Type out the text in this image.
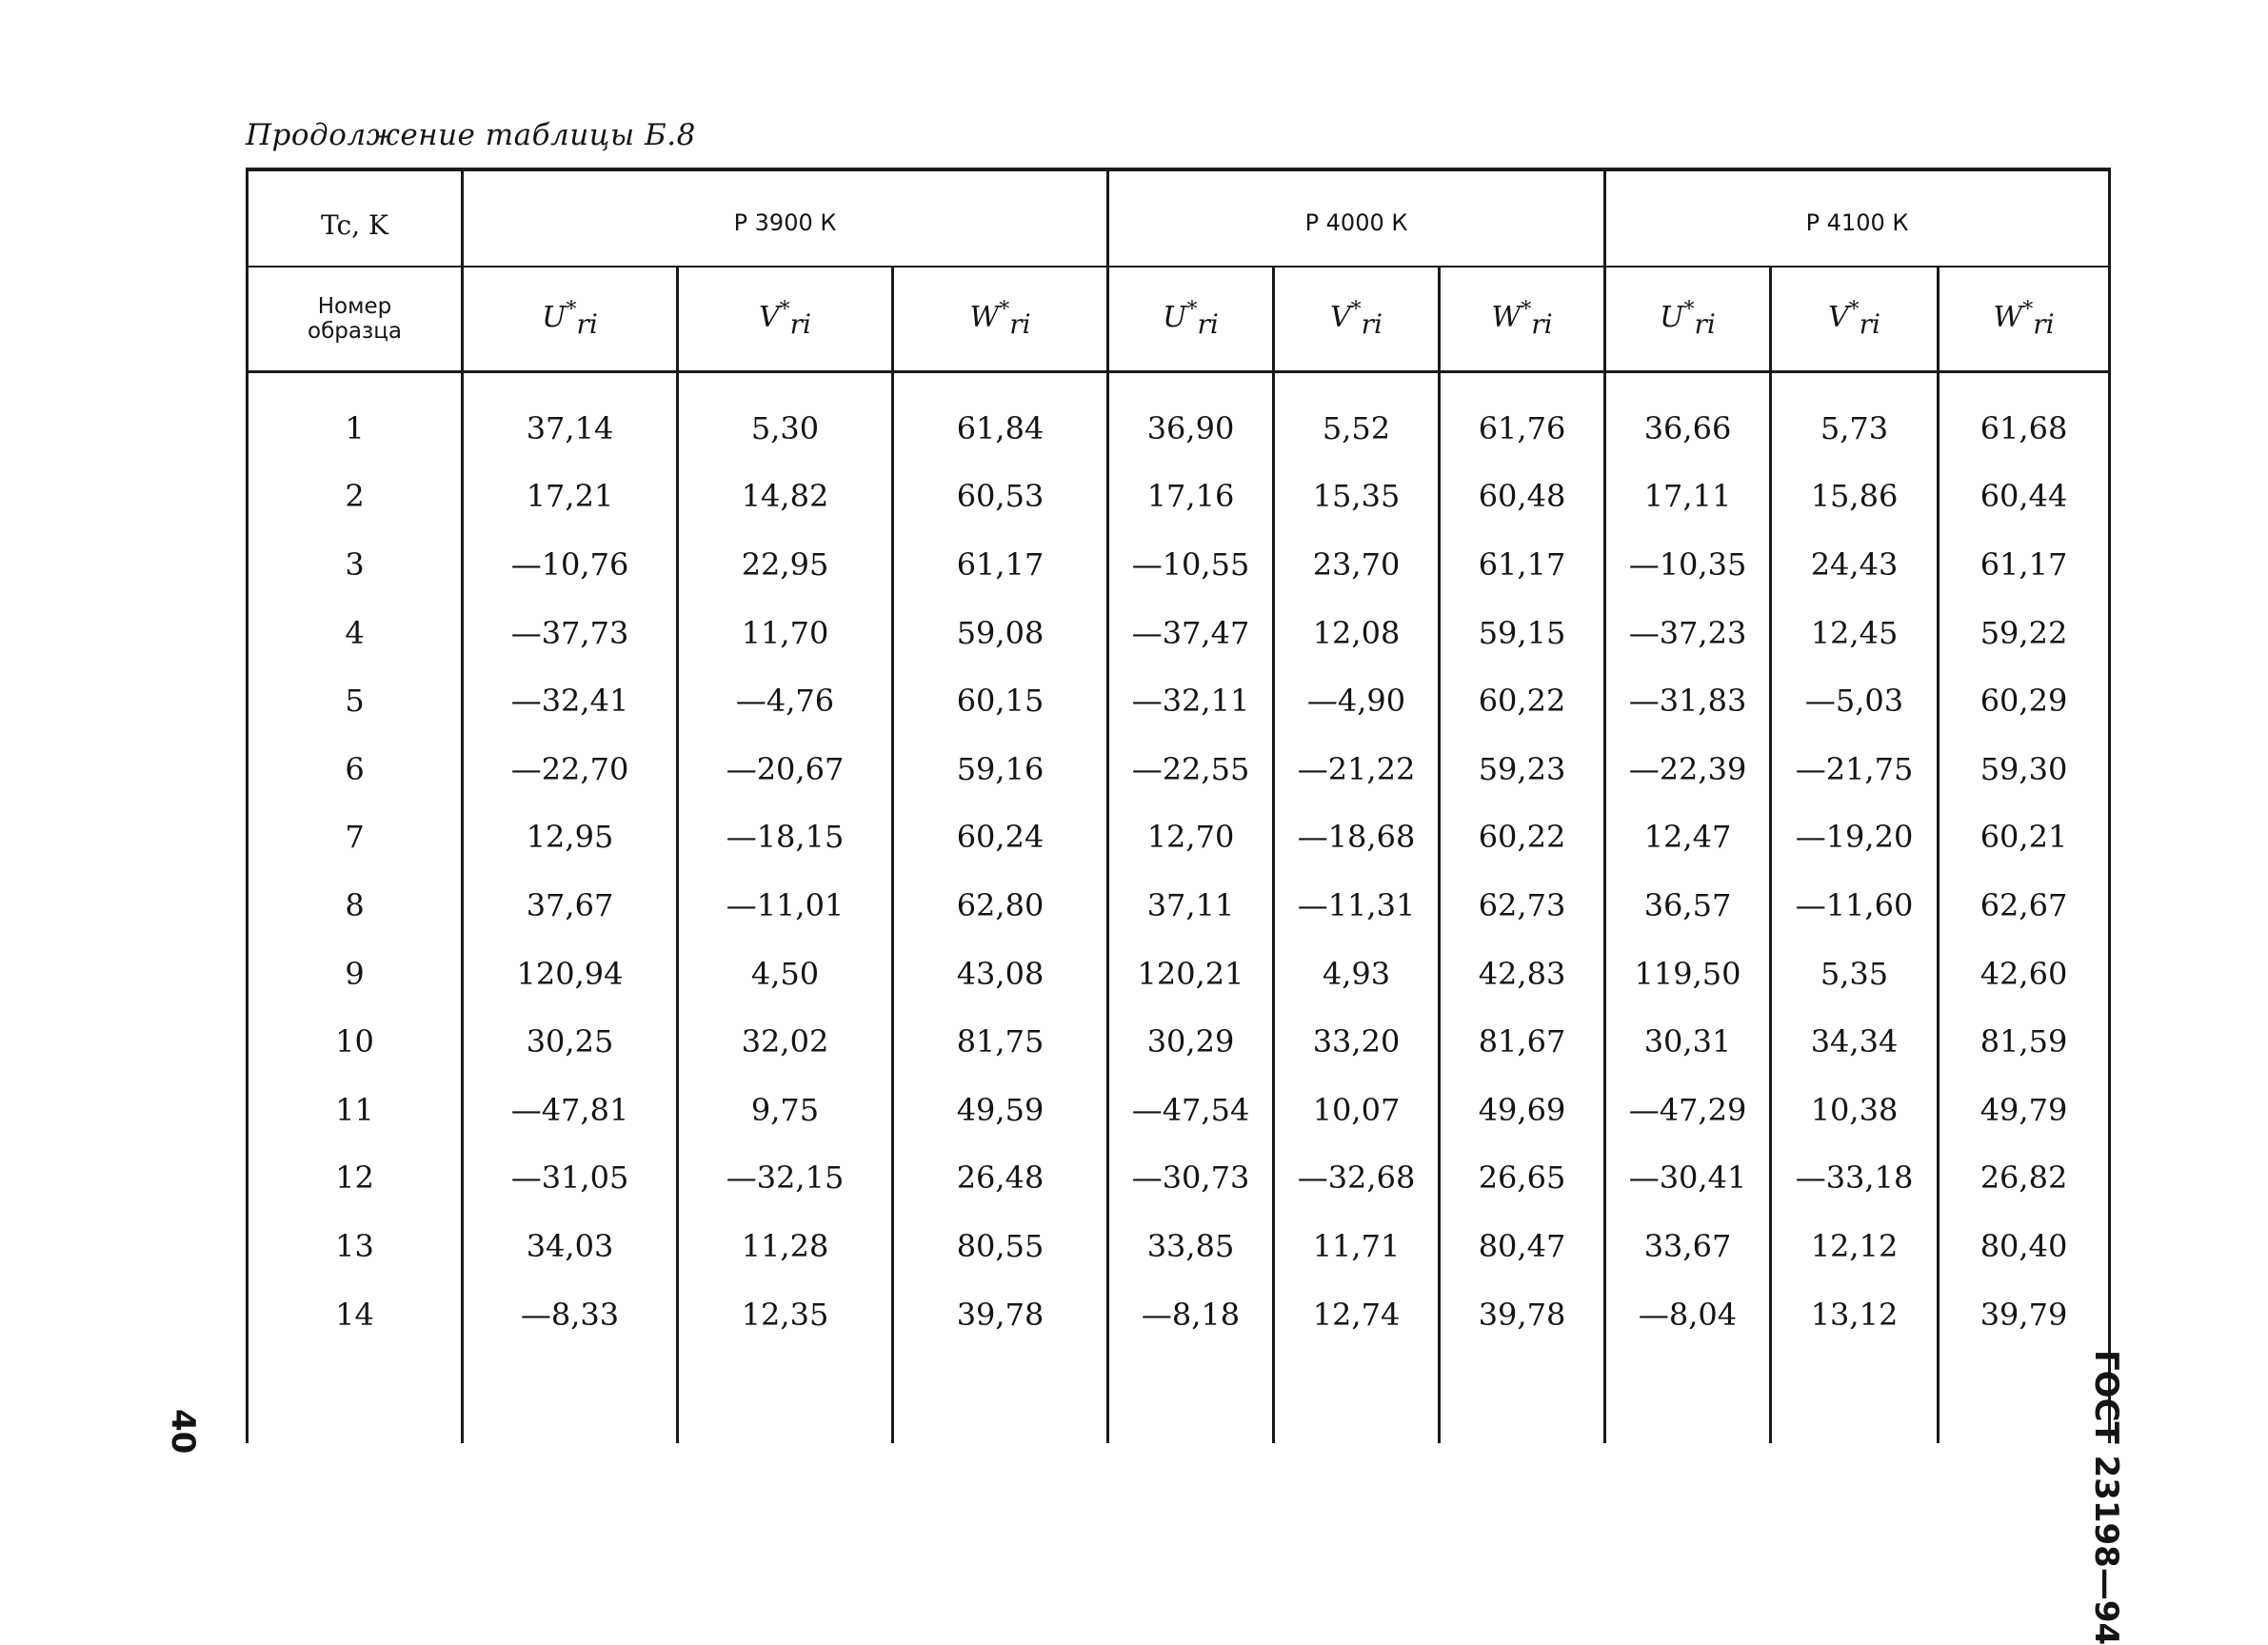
Продолжение таблицы Б.8
Tc, K	Р 3900 К			Р 4000 К			Р 4100 К		
Номер
образца	$U^*_{ri}$	$V^*_{ri}$	$W^*_{ri}$	$U^*_{ri}$	$V^*_{ri}$	$W^*_{ri}$	$U^*_{ri}$	$V^*_{ri}$	$W^*_{ri}$
1	37,14	5,30	61,84	36,90	5,52	61,76	36,66	5,73	61,68
2	17,21	14,82	60,53	17,16	15,35	60,48	17,11	15,86	60,44
3	—10,76	22,95	61,17	—10,55	23,70	61,17	—10,35	24,43	61,17
4	—37,73	11,70	59,08	—37,47	12,08	59,15	—37,23	12,45	59,22
5	—32,41	—4,76	60,15	—32,11	—4,90	60,22	—31,83	—5,03	60,29
6	—22,70	—20,67	59,16	—22,55	—21,22	59,23	—22,39	—21,75	59,30
7	12,95	—18,15	60,24	12,70	—18,68	60,22	12,47	—19,20	60,21
8	37,67	—11,01	62,80	37,11	—11,31	62,73	36,57	—11,60	62,67
9	120,94	4,50	43,08	120,21	4,93	42,83	119,50	5,35	42,60
10	30,25	32,02	81,75	30,29	33,20	81,67	30,31	34,34	81,59
11	—47,81	9,75	49,59	—47,54	10,07	49,69	—47,29	10,38	49,79
12	—31,05	—32,15	26,48	—30,73	—32,68	26,65	—30,41	—33,18	26,82
13	34,03	11,28	80,55	33,85	11,71	80,47	33,67	12,12	80,40
14	—8,33	12,35	39,78	—8,18	12,74	39,78	—8,04	13,12	39,79

ГОСТ 23198—94
40
